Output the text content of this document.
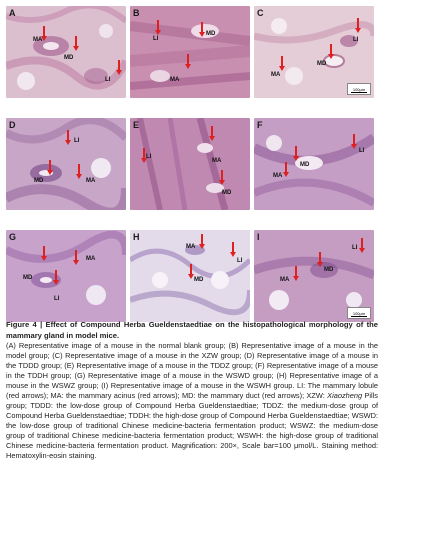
A
MA
MD
LI
B
MD
LI
MA
C
LI
MD
MA
100μm
D
LI
MD	MA
E
LI
MA
MD
F
LI
MD
MA
G
MA
MD
LI
H
MA
LI
MD
I
LI
MD
MA
100μm

Figure 4 | Effect of Compound Herba Gueldenstaedtiae on the histopathological morphology of the mammary gland in model mice.

(A) Representative image of a mouse in the normal blank group; (B) Representative image of a mouse in the model group; (C) Representative image of a mouse in the XZW group; (D) Representative image of a mouse in the TDDD group; (E) Representative image of a mouse in the TDDZ group; (F) Representative image of a mouse in the TDDH group; (G) Representative image of a mouse in the WSWD group; (H) Representative image of a mouse in the WSWZ group; (I) Representative image of a mouse in the WSWH group. LI: The mammary lobule (red arrows); MA: the mammary acinus (red arrows); MD: the mammary duct (red arrows); XZW: Xiaozheng Pills group; TDDD: the low-dose group of Compound Herba Gueldenstaedtiae; TDDZ: the medium-dose group of Compound Herba Gueldenstaedtiae; TDDH: the high-dose group of Compound Herba Gueldenstaedtiae; WSWD: the low-dose group of traditional Chinese medicine-bacteria fermentation product; WSWZ: the medium-dose group of traditional Chinese medicine-bacteria fermentation product; WSWH: the high-dose group of traditional Chinese medicine-bacteria fermentation product. Magnification: 200×, Scale bar=100 μmol/L. Staining method: Hematoxylin-eosin staining.
